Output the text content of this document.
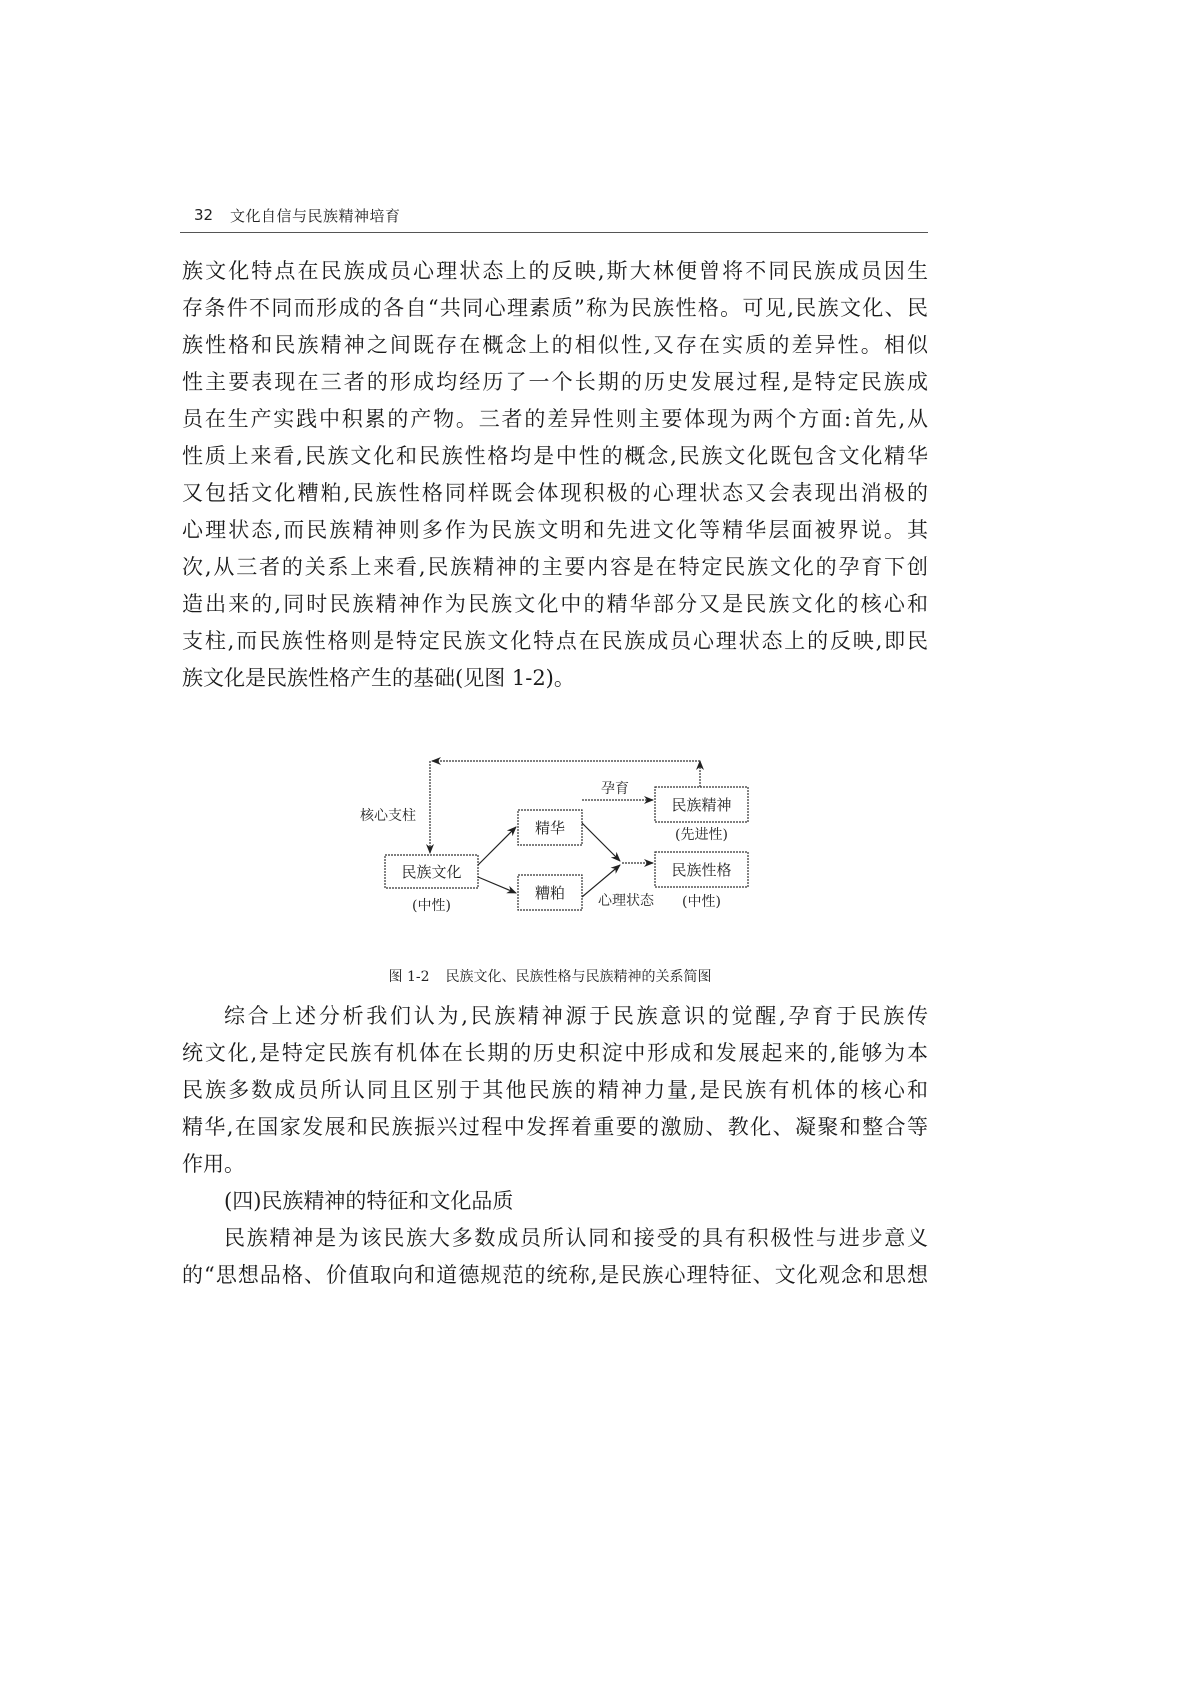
32 文化自信与民族精神培育
族文化特点在民族成员心理状态上的反映,斯大林便曾将不同民族成员因生
存条件不同而形成的各自“共同心理素质”称为民族性格。可见,民族文化、民
族性格和民族精神之间既存在概念上的相似性,又存在实质的差异性。相似
性主要表现在三者的形成均经历了一个长期的历史发展过程,是特定民族成
员在生产实践中积累的产物。三者的差异性则主要体现为两个方面:首先,从
性质上来看,民族文化和民族性格均是中性的概念,民族文化既包含文化精华
又包括文化糟粕,民族性格同样既会体现积极的心理状态又会表现出消极的
心理状态,而民族精神则多作为民族文明和先进文化等精华层面被界说。其
次,从三者的关系上来看,民族精神的主要内容是在特定民族文化的孕育下创
造出来的,同时民族精神作为民族文化中的精华部分又是民族文化的核心和
支柱,而民族性格则是特定民族文化特点在民族成员心理状态上的反映,即民
族文化是民族性格产生的基础(见图 1-2)。
核心支柱
民族文化
(中性)
精华
糟粕
孕育
心理状态
民族精神
(先进性)
民族性格
(中性)
图 1-2 民族文化、民族性格与民族精神的关系简图
综合上述分析我们认为,民族精神源于民族意识的觉醒,孕育于民族传
统文化,是特定民族有机体在长期的历史积淀中形成和发展起来的,能够为本
民族多数成员所认同且区别于其他民族的精神力量,是民族有机体的核心和
精华,在国家发展和民族振兴过程中发挥着重要的激励、教化、凝聚和整合等
作用。
(四)民族精神的特征和文化品质
民族精神是为该民族大多数成员所认同和接受的具有积极性与进步意义
的“思想品格、价值取向和道德规范的统称,是民族心理特征、文化观念和思想
